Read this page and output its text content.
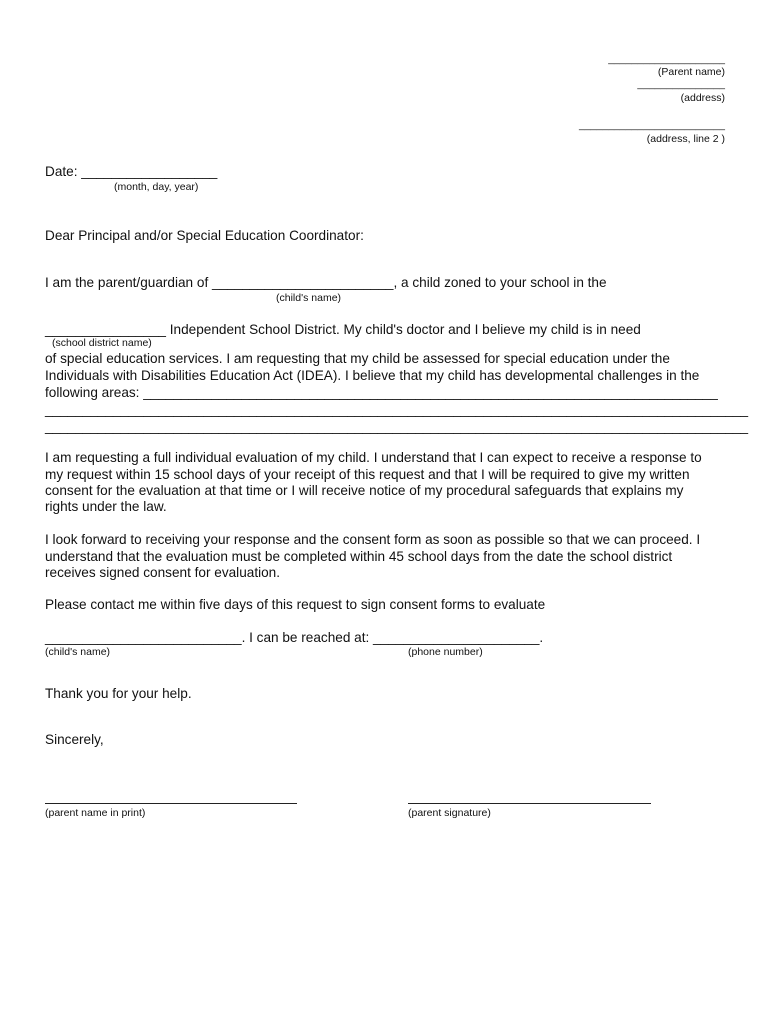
____________________

(Parent name)

_______________

(address)

_________________________

(address, line 2 )

Date: __________________

(month, day, year)

Dear Principal and/or Special Education Coordinator:

I am the parent/guardian of ________________________, a child zoned to your school in the

(child's name)

________________ Independent School District. My child's doctor and I believe my child is in need

(school district name)

of special education services. I am requesting that my child be assessed for special education under the

Individuals with Disabilities Education Act (IDEA). I believe that my child has developmental challenges in the

following areas: ____________________________________________________________________________

_____________________________________________________________________________________________

_____________________________________________________________________________________________

I am requesting a full individual evaluation of my child. I understand that I can expect to receive a response to

my request within 15 school days of your receipt of this request and that I will be required to give my written

consent for the evaluation at that time or I will receive notice of my procedural safeguards that explains my

rights under the law.

I look forward to receiving your response and the consent form as soon as possible so that we can proceed. I

understand that the evaluation must be completed within 45 school days from the date the school district

receives signed consent for evaluation.

Please contact me within five days of this request to sign consent forms to evaluate

__________________________. I can be reached at: ______________________.

(child's name)	(phone number)

Thank you for your help.

Sincerely,

(parent name in print)	(parent signature)
